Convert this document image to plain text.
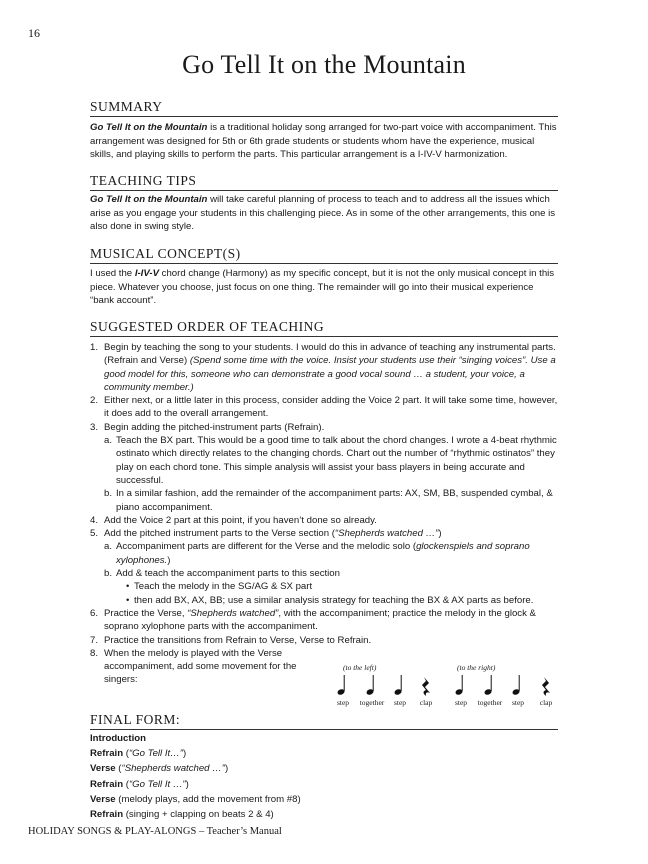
16
Go Tell It on the Mountain
SUMMARY
Go Tell It on the Mountain is a traditional holiday song arranged for two-part voice with accompaniment. This arrangement was designed for 5th or 6th grade students or students whom have the experience, musical skills, and playing skills to perform the parts. This particular arrangement is a I-IV-V harmonization.
TEACHING TIPS
Go Tell It on the Mountain will take careful planning of process to teach and to address all the issues which arise as you engage your students in this challenging piece. As in some of the other arrangements, this one is also done in swing style.
MUSICAL CONCEPT(S)
I used the I-IV-V chord change (Harmony) as my specific concept, but it is not the only musical concept in this piece. Whatever you choose, just focus on one thing. The remainder will go into their musical experience “bank account”.
SUGGESTED ORDER OF TEACHING
1. Begin by teaching the song to your students. I would do this in advance of teaching any instrumental parts. (Refrain and Verse) (Spend some time with the voice. Insist your students use their “singing voices”. Use a good model for this, someone who can demonstrate a good vocal sound … a student, your voice, a community member.)
2. Either next, or a little later in this process, consider adding the Voice 2 part. It will take some time, however, it does add to the overall arrangement.
3. Begin adding the pitched-instrument parts (Refrain).
a. Teach the BX part. This would be a good time to talk about the chord changes. I wrote a 4-beat rhythmic ostinato which directly relates to the changing chords. Chart out the number of “rhythmic ostinatos” they play on each chord tone. This simple analysis will assist your bass players in being accurate and successful.
b. In a similar fashion, add the remainder of the accompaniment parts: AX, SM, BB, suspended cymbal, & piano accompaniment.
4. Add the Voice 2 part at this point, if you haven’t done so already.
5. Add the pitched instrument parts to the Verse section (“Shepherds watched …”)
a. Accompaniment parts are different for the Verse and the melodic solo (glockenspiels and soprano xylophones.)
b. Add & teach the accompaniment parts to this section
• Teach the melody in the SG/AG & SX part
• then add BX, AX, BB; use a similar analysis strategy for teaching the BX & AX parts as before.
6. Practice the Verse, “Shepherds watched”, with the accompaniment; practice the melody in the glock & soprano xylophone parts with the accompaniment.
7. Practice the transitions from Refrain to Verse, Verse to Refrain.
8. When the melody is played with the Verse accompaniment, add some movement for the singers:
(to the left)	(to the right)
step	together	step	clap	step	together	step	clap
FINAL FORM:
Introduction
Refrain (“Go Tell It…”)
Verse (“Shepherds watched …”)
Refrain (“Go Tell It …”)
Verse (melody plays, add the movement from #8)
Refrain (singing + clapping on beats 2 & 4)
HOLIDAY SONGS & PLAY-ALONGS – Teacher’s Manual
